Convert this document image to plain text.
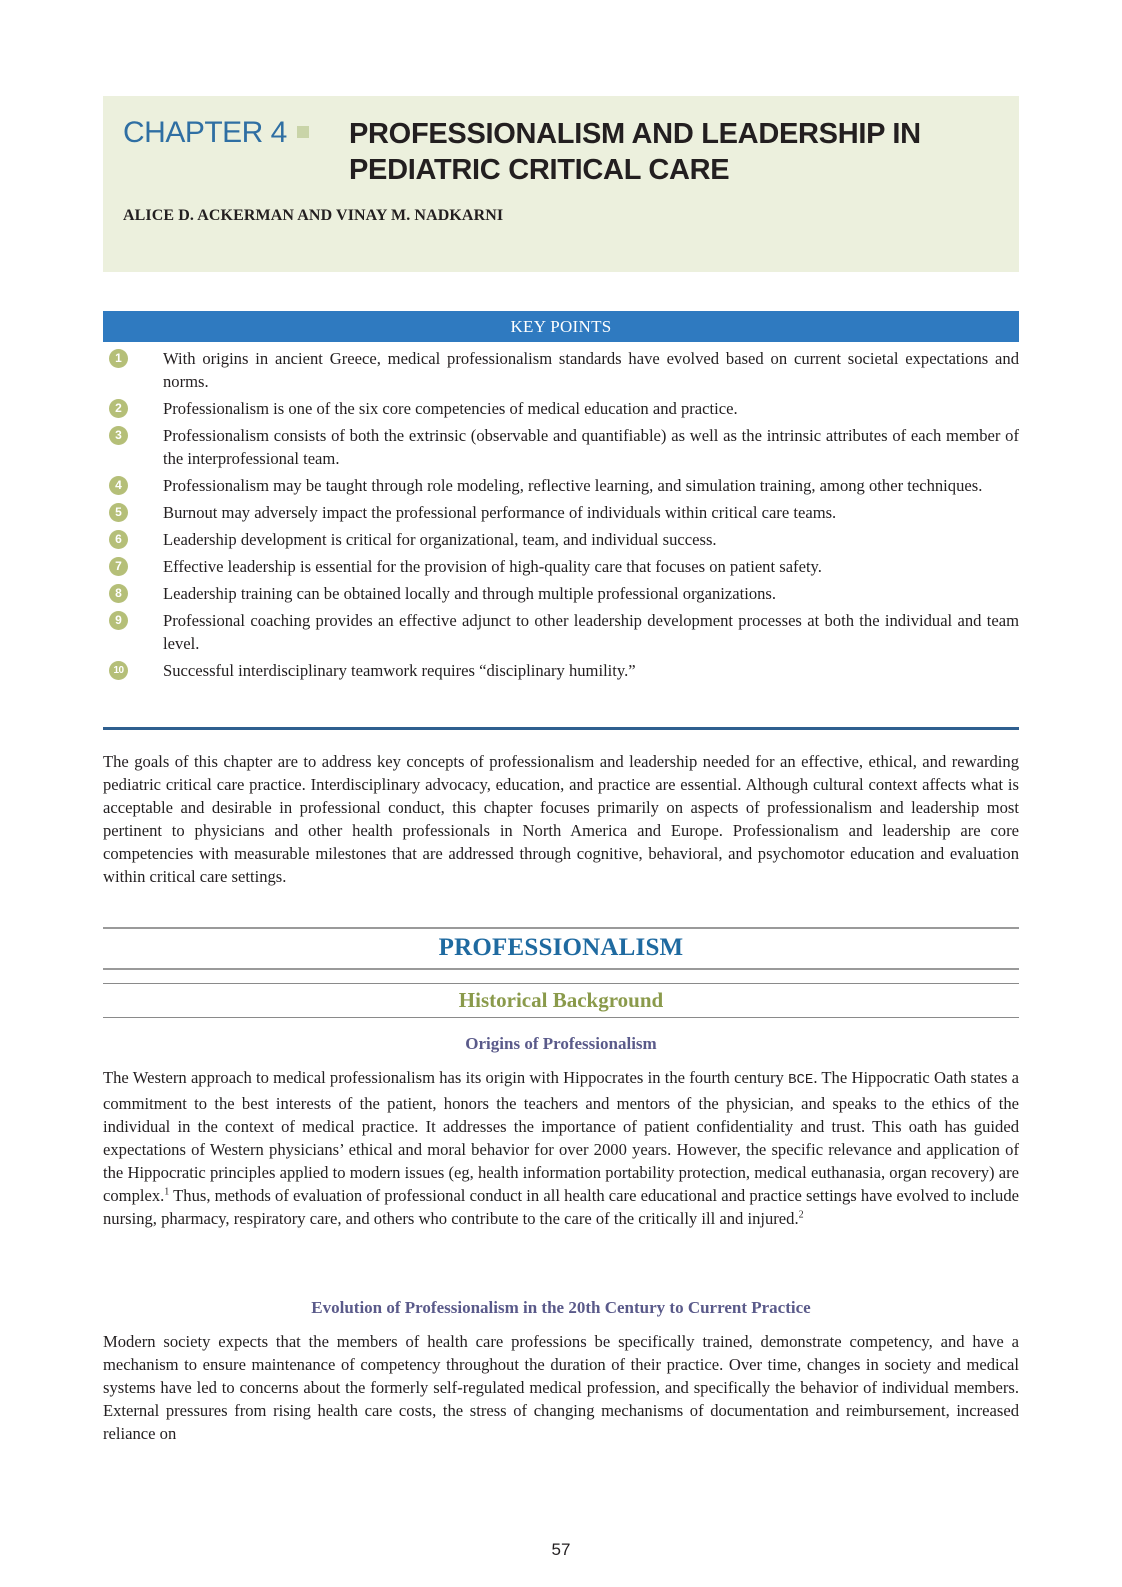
CHAPTER 4	PROFESSIONALISM AND LEADERSHIP IN
PEDIATRIC CRITICAL CARE
ALICE D. ACKERMAN AND VINAY M. NADKARNI
KEY POINTS
1	With origins in ancient Greece, medical professionalism standards have evolved based on current societal expectations and norms.
2	Professionalism is one of the six core competencies of medical education and practice.
3	Professionalism consists of both the extrinsic (observable and quantifiable) as well as the intrinsic attributes of each member of the interprofessional team.
4	Professionalism may be taught through role modeling, reflective learning, and simulation training, among other techniques.
5	Burnout may adversely impact the professional performance of individuals within critical care teams.
6	Leadership development is critical for organizational, team, and individual success.
7	Effective leadership is essential for the provision of high-quality care that focuses on patient safety.
8	Leadership training can be obtained locally and through multiple professional organizations.
9	Professional coaching provides an effective adjunct to other leadership development processes at both the individual and team level.
10 Successful interdisciplinary teamwork requires “disciplinary humility.”

The goals of this chapter are to address key concepts of professionalism and leadership needed for an effective, ethical, and rewarding pediatric critical care practice. Interdisciplinary advocacy, education, and practice are essential. Although cultural context affects what is acceptable and desirable in professional conduct, this chapter focuses primarily on aspects of professionalism and leadership most pertinent to physicians and other health professionals in North America and Europe. Professionalism and leadership are core competencies with measurable milestones that are addressed through cognitive, behavioral, and psychomotor education and evaluation within critical care settings.

PROFESSIONALISM
Historical Background
Origins of Professionalism

The Western approach to medical professionalism has its origin with Hippocrates in the fourth century BCE. The Hippocratic Oath states a commitment to the best interests of the patient, honors the teachers and mentors of the physician, and speaks to the ethics of the individual in the context of medical practice. It addresses the importance of patient confidentiality and trust. This oath has guided expectations of Western physicians’ ethical and moral behavior for over 2000 years. However, the specific relevance and application of the Hippocratic principles applied to modern issues (eg, health information portability protection, medical euthanasia, organ recovery) are complex.$^1$ Thus, methods of evaluation of professional conduct in all health care educational and practice settings have evolved to include nursing, pharmacy, respiratory care, and others who contribute to the care of the critically ill and injured.$^2$

Evolution of Professionalism in the 20th Century to Current Practice

Modern society expects that the members of health care professions be specifically trained, demonstrate competency, and have a mechanism to ensure maintenance of competency throughout the duration of their practice. Over time, changes in society and medical systems have led to concerns about the formerly self-regulated medical profession, and specifically the behavior of individual members. External pressures from rising health care costs, the stress of changing mechanisms of documentation and reimbursement, increased reliance on

57
